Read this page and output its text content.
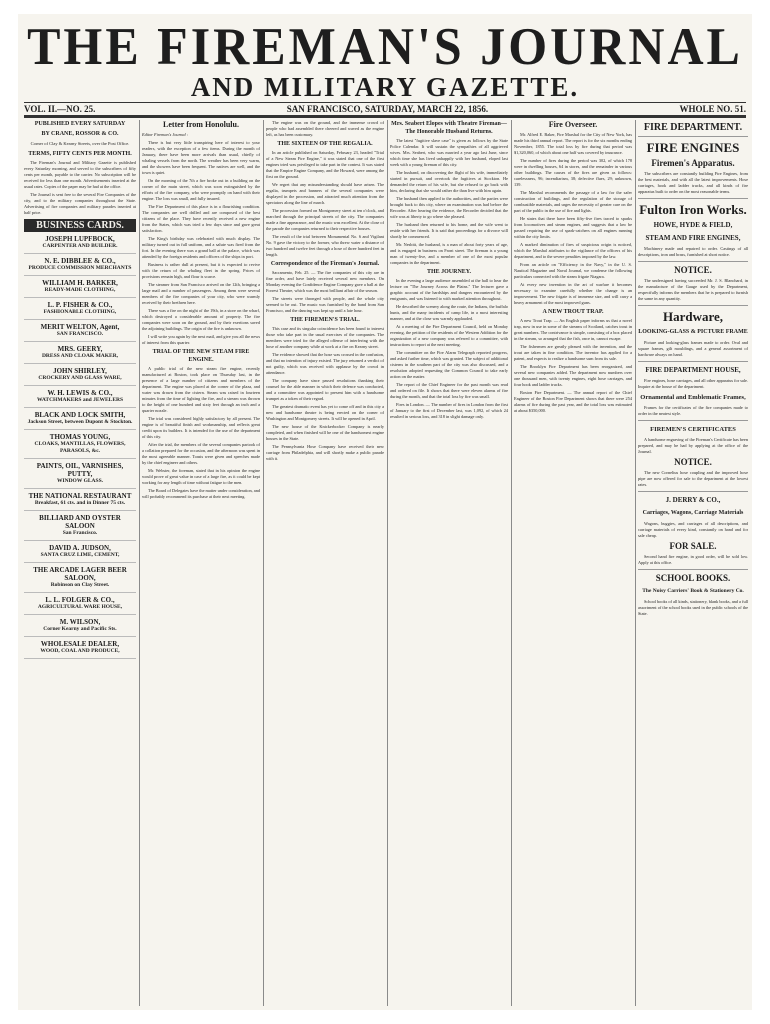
THE FIREMAN'S JOURNAL
AND MILITARY GAZETTE.
VOL. II.—NO. 25.	SAN FRANCISCO, SATURDAY, MARCH 22, 1856.	WHOLE NO. 51.

PUBLISHED EVERY SATURDAY

BY CRANE, ROSSOR & CO.

Corner of Clay & Kearny Streets, over the Post Office.

TERMS, FIFTY CENTS PER MONTH.

The Fireman's Journal and Military Gazette is published every Saturday morning, and served to the subscribers of fifty cents per month, payable to the carrier. No subscription will be received for less than one month. Advertisements inserted at the usual rates. Copies of the paper may be had at the office.

The Journal is sent free to the several Fire Companies of the city, and to the military companies throughout the State. Advertising of fire companies and military parades inserted at half price.

BUSINESS CARDS.
JOSEPH LUPFBOCK,
CARPENTER AND BUILDER.
N. E. DIBBLEE & CO.,
PRODUCE COMMISSION MERCHANTS
WILLIAM H. BARKER,
READY-MADE CLOTHING,
L. P. FISHER & CO.,
FASHIONABLE CLOTHING,
MERIT WELTON, Agent,
SAN FRANCISCO.
MRS. GEERY,
DRESS AND CLOAK MAKER,
JOHN SHIRLEY,
CROCKERY AND GLASS WARE,
W. H. LEWIS & CO.,
WATCHMAKERS and JEWELERS
BLACK AND LOCK SMITH,
Jackson Street, between Dupont & Stockton.
THOMAS YOUNG,
CLOAKS, MANTILLAS, FLOWERS, PARASOLS, &c.
PAINTS, OIL, VARNISHES, PUTTY,
WINDOW GLASS.
THE NATIONAL RESTAURANT
Breakfast, 61 cts. and in Dinner 75 cts.
BILLIARD AND OYSTER SALOON
San Francisco.
DAVID A. JUDSON,
SANTA CRUZ LIME, CEMENT,
THE ARCADE LAGER BEER SALOON,
Robinson on Clay Street.
L. L. FOLGER & CO.,
AGRICULTURAL WARE HOUSE,
M. WILSON,
Corner Kearny and Pacific Sts.
WHOLESALE DEALER,
WOOD, COAL AND PRODUCE,

Letter from Honolulu.

Editor Fireman's Journal :

There is but very little transpiring here of interest to your readers, with the exception of a few items. During the month of January, there have been more arrivals than usual, chiefly of whaling vessels from the north. The weather has been very warm, and the showers have been frequent. The natives are well, and the town is quiet.

On the morning of the 7th a fire broke out in a building on the corner of the main street, which was soon extinguished by the efforts of the fire company, who were promptly on hand with their engine. The loss was small, and fully insured.

The Fire Department of this place is in a flourishing condition. The companies are well drilled and are composed of the best citizens of the place. They have recently received a new engine from the States, which was tried a few days since and gave great satisfaction.

The King's birthday was celebrated with much display. The military turned out in full uniform, and a salute was fired from the fort. In the evening there was a grand ball at the palace, which was attended by the foreign residents and officers of the ships in port.

Business is rather dull at present, but it is expected to revive with the return of the whaling fleet in the spring. Prices of provisions remain high, and flour is scarce.

The steamer from San Francisco arrived on the 12th, bringing a large mail and a number of passengers. Among them were several members of the fire companies of your city, who were warmly received by their brethren here.

There was a fire on the night of the 19th, in a store on the wharf, which destroyed a considerable amount of property. The fire companies were soon on the ground, and by their exertions saved the adjoining buildings. The origin of the fire is unknown.

I will write you again by the next mail, and give you all the news of interest from this quarter.

TRIAL OF THE NEW STEAM FIRE ENGINE.

A public trial of the new steam fire engine, recently manufactured at Boston, took place on Thursday last, in the presence of a large number of citizens and members of the department. The engine was placed at the corner of the plaza, and water was drawn from the cistern. Steam was raised in fourteen minutes from the time of lighting the fire, and a stream was thrown to the height of one hundred and sixty feet through an inch and a quarter nozzle.

The trial was considered highly satisfactory by all present. The engine is of beautiful finish and workmanship, and reflects great credit upon its builders. It is intended for the use of the department of this city.

After the trial, the members of the several companies partook of a collation prepared for the occasion, and the afternoon was spent in the most agreeable manner. Toasts were given and speeches made by the chief engineer and others.

Mr. Webster, the foreman, stated that in his opinion the engine would prove of great value in case of a large fire, as it could be kept working for any length of time without fatigue to the men.

The Board of Delegates have the matter under consideration, and will probably recommend its purchase at their next meeting.

The engine was on the ground, and the immense crowd of people who had assembled there cheered and waved as the engine left, as has been customary.

THE SIXTEEN OF THE REGALIA.

In an article published on Saturday, February 23, headed "Trial of a New Steam Fire Engine," it was stated that one of the first engines tried was privileged to take part in the contest. It was stated that the Empire Engine Company, and the Howard, were among the first on the ground.

We regret that any misunderstanding should have arisen. The regalia, trumpets and banners of the several companies were displayed in the procession, and attracted much attention from the spectators along the line of march.

The procession formed on Montgomery street at ten o'clock, and marched through the principal streets of the city. The companies made a fine appearance, and the music was excellent. At the close of the parade the companies returned to their respective houses.

The result of the trial between Monumental No. 6 and Vigilant No. 9 gave the victory to the former, who threw water a distance of two hundred and twelve feet through a hose of three hundred feet in length.

Correspondence of the Fireman's Journal.

Sacramento, Feb. 25. — The fire companies of this city are in fine order, and have lately received several new members. On Monday evening the Confidence Engine Company gave a ball at the Forrest Theatre, which was the most brilliant affair of the season.

The streets were thronged with people, and the whole city seemed to be out. The music was furnished by the band from San Francisco, and the dancing was kept up until a late hour.

THE FIREMEN'S TRIAL.

This case and its singular coincidence has been found to interest those who take part in the usual exercises of the companies. The members were tried for the alleged offense of interfering with the hose of another company while at work at a fire on Kearny street.

The evidence showed that the hose was crossed in the confusion, and that no intention of injury existed. The jury returned a verdict of not guilty, which was received with applause by the crowd in attendance.

The company have since passed resolutions thanking their counsel for the able manner in which their defence was conducted, and a committee was appointed to present him with a handsome trumpet as a token of their regard.

The greatest dramatic event has yet to come off and in this city a new and handsome theatre is being erected on the corner of Washington and Montgomery streets. It will be opened in April.

The new house of the Knickerbocker Company is nearly completed, and when finished will be one of the handsomest engine houses in the State.

The Pennsylvania Hose Company have received their new carriage from Philadelphia, and will shortly make a public parade with it.

Mrs. Seabert Elopes with Theatre Fireman—The Honorable Husband Returns.

The latest "fugitive slave case" is given as follows by the State Police Calendar. It will sustain the sympathies of all aggrieved wives. Mrs. Seabert, who was married a year ago last June, since which time she has lived unhappily with her husband, eloped last week with a young fireman of this city.

The husband, on discovering the flight of his wife, immediately started in pursuit, and overtook the fugitives at Stockton. He demanded the return of his wife, but she refused to go back with him, declaring that she would rather die than live with him again.

The husband then applied to the authorities, and the parties were brought back to this city, where an examination was had before the Recorder. After hearing the evidence, the Recorder decided that the wife was at liberty to go where she pleased.

The husband then returned to his home, and the wife went to reside with her friends. It is said that proceedings for a divorce will shortly be commenced.

Mr. Nesbitt, the husband, is a man of about forty years of age, and is engaged in business on Front street. The fireman is a young man of twenty-five, and a member of one of the most popular companies in the department.

THE JOURNEY.

In the evening a large audience assembled at the hall to hear the lecture on "The Journey Across the Plains." The lecturer gave a graphic account of the hardships and dangers encountered by the emigrants, and was listened to with marked attention throughout.

He described the scenery along the route, the Indians, the buffalo hunts, and the many incidents of camp life, in a most interesting manner, and at the close was warmly applauded.

At a meeting of the Fire Department Council, held on Monday evening, the petition of the residents of the Western Addition for the organization of a new company was referred to a committee, with instructions to report at the next meeting.

The committee on the Fire Alarm Telegraph reported progress, and asked further time, which was granted. The subject of additional cisterns in the southern part of the city was also discussed, and a resolution adopted requesting the Common Council to take early action on the matter.

The report of the Chief Engineer for the past month was read and ordered on file. It shows that there were eleven alarms of fire during the month, and that the total loss by fire was small.

Fires in London. — The number of fires in London from the first of January to the first of December last, was 1,092, of which 24 resulted in serious loss, and 318 in slight damage only.

Fire Overseer.

Mr. Alfred E. Baker, Fire Marshal for the City of New York, has made his third annual report. The report is for the six months ending November, 1855. The total loss by fire during that period was $1,320,060, of which about one half was covered by insurance.

The number of fires during the period was 302, of which 178 were in dwelling houses, 64 in stores, and the remainder in various other buildings. The causes of the fires are given as follows: carelessness, 96; incendiarism, 38; defective flues, 29; unknown, 139.

The Marshal recommends the passage of a law for the safer construction of buildings, and the regulation of the storage of combustible materials, and urges the necessity of greater care on the part of the public in the use of fire and lights.

He states that there have been fifty-five fires traced to sparks from locomotives and steam engines, and suggests that a law be passed requiring the use of spark-catchers on all engines running within the city limits.

A marked diminution of fires of suspicious origin is noticed, which the Marshal attributes to the vigilance of the officers of his department, and to the severe penalties imposed by the law.

From an article on "Efficiency in the Navy," in the U. S. Nautical Magazine and Naval Journal, we condense the following particulars connected with the steam frigate Niagara.

At every new invention in the art of warfare it becomes necessary to examine carefully whether the change is an improvement. The new frigate is of immense size, and will carry a heavy armament of the most improved guns.

A NEW TROUT TRAP.

A new Trout Trap. — An English paper informs us that a novel trap, now in use in some of the streams of Scotland, catches trout in great numbers. The contrivance is simple, consisting of a box placed in the stream, so arranged that the fish, once in, cannot escape.

The fishermen are greatly pleased with the invention, and the trout are taken in fine condition. The inventor has applied for a patent, and expects to realize a handsome sum from its sale.

The Brooklyn Fire Department has been reorganized, and several new companies added. The department now numbers over one thousand men, with twenty engines, eight hose carriages, and four hook and ladder trucks.

Boston Fire Department. — The annual report of the Chief Engineer of the Boston Fire Department shows that there were 254 alarms of fire during the past year, and the total loss was estimated at about $350,000.

FIRE DEPARTMENT.
FIRE ENGINES
Firemen's Apparatus.

The subscribers are constantly building Fire Engines, from the best materials, and with all the latest improvements. Hose carriages, hook and ladder trucks, and all kinds of fire apparatus built to order on the most reasonable terms.

Fulton Iron Works.
HOWE, HYDE & FIELD,
STEAM AND FIRE ENGINES,

Machinery made and repaired to order. Castings of all descriptions, iron and brass, furnished at short notice.

NOTICE.

The undersigned having succeeded Mr. J. S. Blanchard, in the manufacture of the Gauge used by the Department, respectfully informs the members that he is prepared to furnish the same in any quantity.

Hardware,
LOOKING-GLASS & PICTURE FRAME

Picture and looking-glass frames made to order. Oval and square frames, gilt mouldings, and a general assortment of hardware always on hand.

FIRE DEPARTMENT HOUSE,

Fire engines, hose carriages, and all other apparatus for sale. Inquire at the house of the department.

Ornamental and Emblematic Frames,

Frames for the certificates of the fire companies made to order in the neatest style.

FIREMEN'S CERTIFICATES

A handsome engraving of the Fireman's Certificate has been prepared, and may be had by applying at the office of the Journal.

NOTICE.

The new Cornelius hose coupling and the improved hose pipe are now offered for sale to the department at the lowest rates.

J. DERRY & CO.,
Carriages, Wagons, Carriage Materials

Wagons, buggies, and carriages of all descriptions, and carriage materials of every kind, constantly on hand and for sale cheap.

FOR SALE.

Second hand fire engine, in good order, will be sold low. Apply at this office.

SCHOOL BOOKS.
The Noisy Carriers' Book & Stationery Co.

School books of all kinds, stationery, blank books, and a full assortment of the school books used in the public schools of the State.
